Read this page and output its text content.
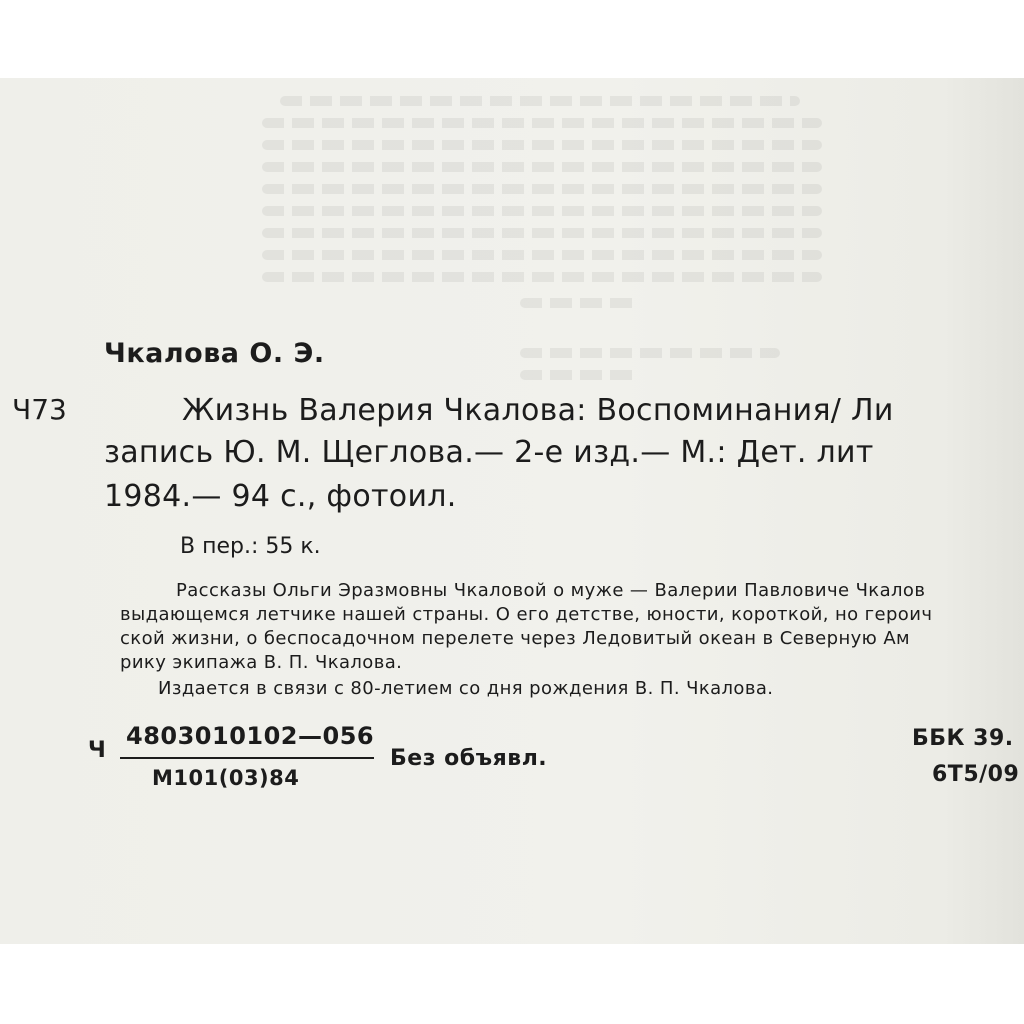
Чкалова О. Э.
Ч73	Жизнь Валерия Чкалова: Воспоминания/ Ли
запись Ю. М. Щеглова.— 2-е изд.— М.: Дет. лит
1984.— 94 с., фотоил.
В пер.: 55 к.
Рассказы Ольги Эразмовны Чкаловой о муже — Валерии Павловиче Чкалов
выдающемся летчике нашей страны. О его детстве, юности, короткой, но героич
ской жизни, о беспосадочном перелете через Ледовитый океан в Северную Ам
рику экипажа В. П. Чкалова.
Издается в связи с 80-летием со дня рождения В. П. Чкалова.
Ч
4803010102—056
М101(03)84
Без объявл.
ББК 39.
6Т5/09
